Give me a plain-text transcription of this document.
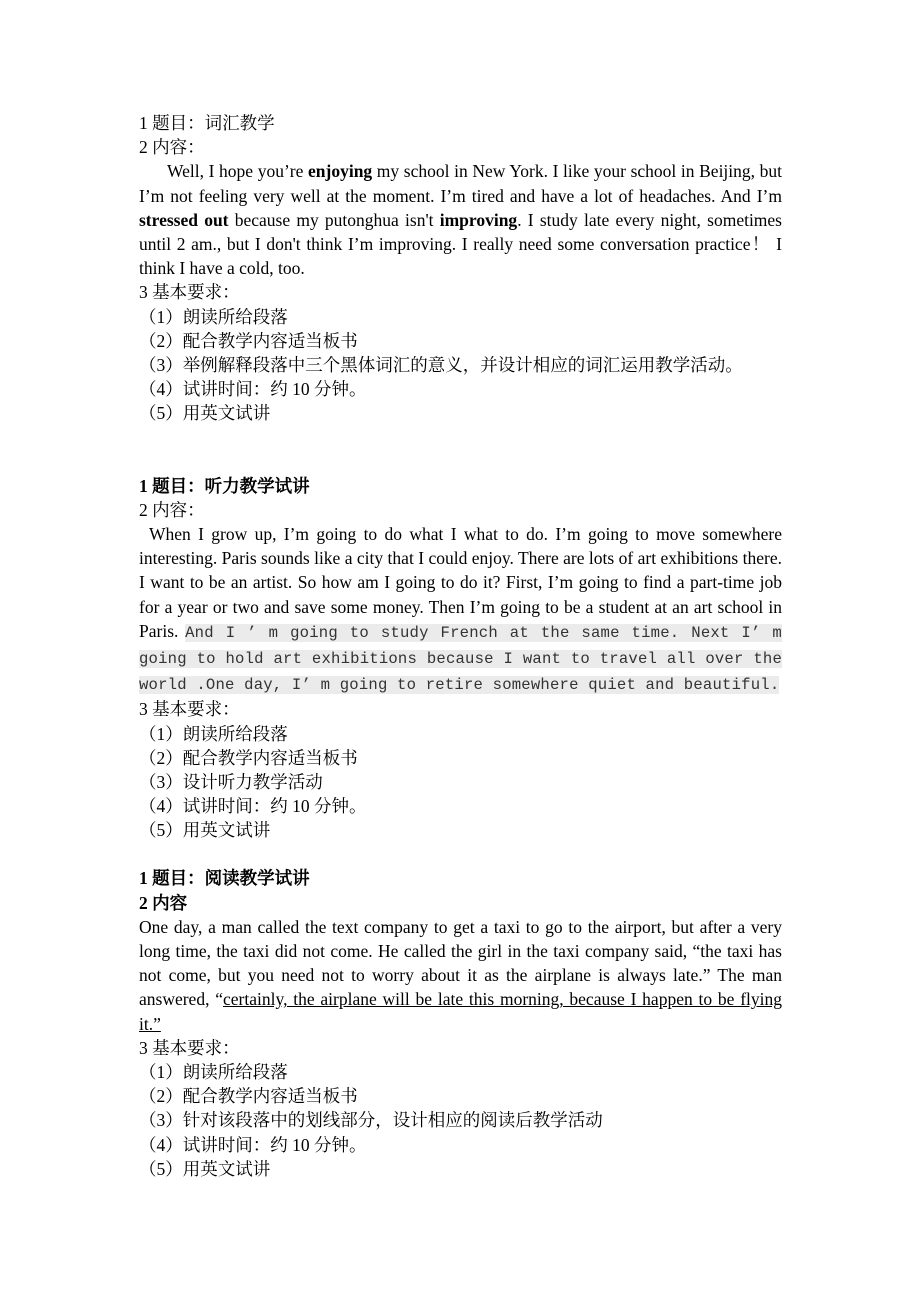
1 题目：词汇教学
2 内容：

Well, I hope you’re enjoying my school in New York. I like your school in Beijing, but I’m not feeling very well at the moment. I’m tired and have a lot of headaches. And I’m stressed out because my putonghua isn't improving. I study late every night, sometimes until 2 am., but I don't think I’m improving. I really need some conversation practice！ I think I have a cold, too.

3 基本要求：
（1）朗读所给段落
（2）配合教学内容适当板书
（3）举例解释段落中三个黑体词汇的意义，并设计相应的词汇运用教学活动。
（4）试讲时间：约 10 分钟。
（5）用英文试讲
1 题目：听力教学试讲
2 内容：

When I grow up, I’m going to do what I what to do. I’m going to move somewhere interesting. Paris sounds like a city that I could enjoy. There are lots of art exhibitions there. I want to be an artist. So how am I going to do it? First, I’m going to find a part-time job for a year or two and save some money. Then I’m going to be a student at an art school in Paris. And I ’ m going to study French at the same time. Next I’ m going to hold art exhibitions because I want to travel all over the world .One day, I’ m going to retire somewhere quiet and beautiful.

3 基本要求：
（1）朗读所给段落
（2）配合教学内容适当板书
（3）设计听力教学活动
（4）试讲时间：约 10 分钟。
（5）用英文试讲
1 题目：阅读教学试讲
2 内容

One day, a man called the text company to get a taxi to go to the airport, but after a very long time, the taxi did not come. He called the girl in the taxi company said, “the taxi has not come, but you need not to worry about it as the airplane is always late.” The man answered, “certainly, the airplane will be late this morning, because I happen to be flying it.”

3 基本要求：
（1）朗读所给段落
（2）配合教学内容适当板书
（3）针对该段落中的划线部分，设计相应的阅读后教学活动
（4）试讲时间：约 10 分钟。
（5）用英文试讲
